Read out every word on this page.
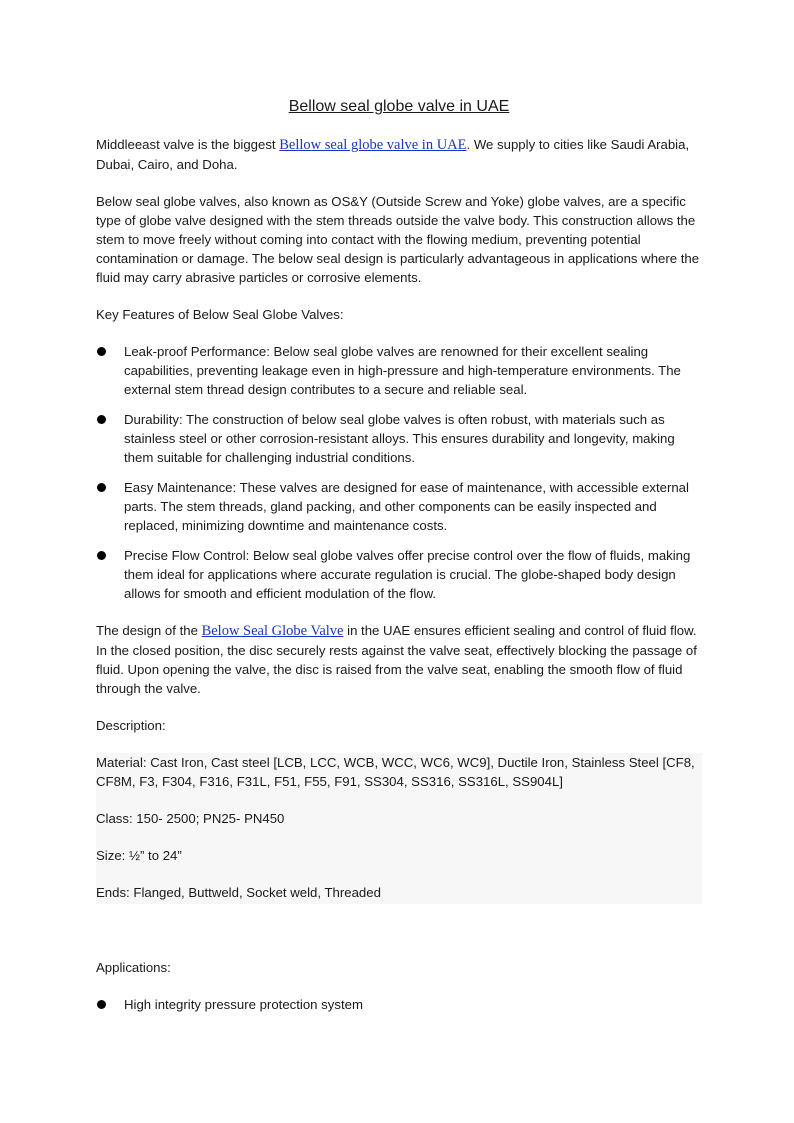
Bellow seal globe valve in UAE

Middleeast valve is the biggest Bellow seal globe valve in UAE. We supply to cities like Saudi Arabia, Dubai, Cairo, and Doha.

Below seal globe valves, also known as OS&Y (Outside Screw and Yoke) globe valves, are a specific type of globe valve designed with the stem threads outside the valve body. This construction allows the stem to move freely without coming into contact with the flowing medium, preventing potential contamination or damage. The below seal design is particularly advantageous in applications where the fluid may carry abrasive particles or corrosive elements.

Key Features of Below Seal Globe Valves:

Leak-proof Performance: Below seal globe valves are renowned for their excellent sealing capabilities, preventing leakage even in high-pressure and high-temperature environments. The external stem thread design contributes to a secure and reliable seal.
Durability: The construction of below seal globe valves is often robust, with materials such as stainless steel or other corrosion-resistant alloys. This ensures durability and longevity, making them suitable for challenging industrial conditions.
Easy Maintenance: These valves are designed for ease of maintenance, with accessible external parts. The stem threads, gland packing, and other components can be easily inspected and replaced, minimizing downtime and maintenance costs.
Precise Flow Control: Below seal globe valves offer precise control over the flow of fluids, making them ideal for applications where accurate regulation is crucial. The globe-shaped body design allows for smooth and efficient modulation of the flow.

The design of the Below Seal Globe Valve in the UAE ensures efficient sealing and control of fluid flow. In the closed position, the disc securely rests against the valve seat, effectively blocking the passage of fluid. Upon opening the valve, the disc is raised from the valve seat, enabling the smooth flow of fluid through the valve.

Description:

Material: Cast Iron, Cast steel [LCB, LCC, WCB, WCC, WC6, WC9], Ductile Iron, Stainless Steel [CF8, CF8M, F3, F304, F316, F31L, F51, F55, F91, SS304, SS316, SS316L, SS904L]

Class: 150- 2500; PN25- PN450

Size: ½” to 24”

Ends: Flanged, Buttweld, Socket weld, Threaded

Applications:

High integrity pressure protection system
